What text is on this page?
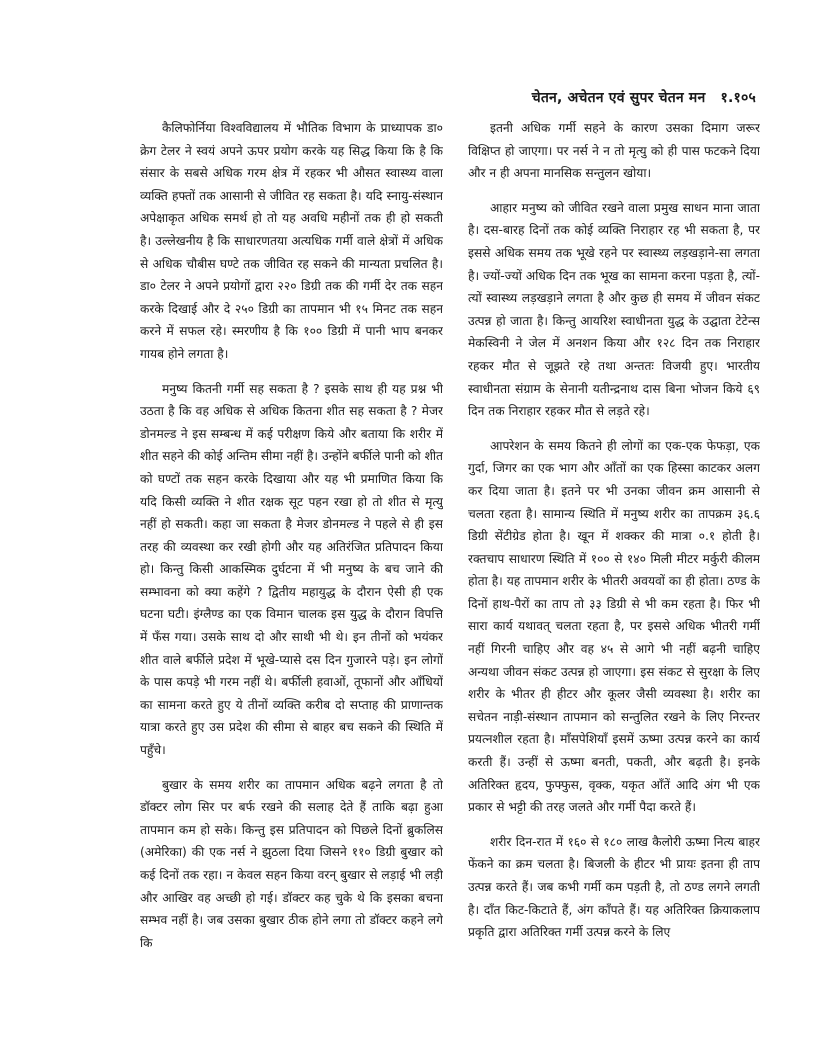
चेतन, अचेतन एवं सुपर चेतन मन १.१०५

कैलिफोर्निया विश्वविद्यालय में भौतिक विभाग के प्राध्यापक डा० क्रेग टेलर ने स्वयं अपने ऊपर प्रयोग करके यह सिद्ध किया कि है कि संसार के सबसे अधिक गरम क्षेत्र में रहकर भी औसत स्वास्थ्य वाला व्यक्ति हफ्तों तक आसानी से जीवित रह सकता है। यदि स्नायु-संस्थान अपेक्षाकृत अधिक समर्थ हो तो यह अवधि महीनों तक ही हो सकती है। उल्लेखनीय है कि साधारणतया अत्यधिक गर्मी वाले क्षेत्रों में अधिक से अधिक चौबीस घण्टे तक जीवित रह सकने की मान्यता प्रचलित है। डा० टेलर ने अपने प्रयोगों द्वारा २२० डिग्री तक की गर्मी देर तक सहन करके दिखाई और दे २५० डिग्री का तापमान भी १५ मिनट तक सहन करने में सफल रहे। स्मरणीय है कि १०० डिग्री में पानी भाप बनकर गायब होने लगता है।

मनुष्य कितनी गर्मी सह सकता है ? इसके साथ ही यह प्रश्न भी उठता है कि वह अधिक से अधिक कितना शीत सह सकता है ? मेजर डोनमल्ड ने इस सम्बन्ध में कई परीक्षण किये और बताया कि शरीर में शीत सहने की कोई अन्तिम सीमा नहीं है। उन्होंने बर्फीले पानी को शीत को घण्टों तक सहन करके दिखाया और यह भी प्रमाणित किया कि यदि किसी व्यक्ति ने शीत रक्षक सूट पहन रखा हो तो शीत से मृत्यु नहीं हो सकती। कहा जा सकता है मेजर डोनमल्ड ने पहले से ही इस तरह की व्यवस्था कर रखी होगी और यह अतिरंजित प्रतिपादन किया हो। किन्तु किसी आकस्मिक दुर्घटना में भी मनुष्य के बच जाने की सम्भावना को क्या कहेंगे ? द्वितीय महायुद्ध के दौरान ऐसी ही एक घटना घटी। इंग्लैण्ड का एक विमान चालक इस युद्ध के दौरान विपत्ति में फँस गया। उसके साथ दो और साथी भी थे। इन तीनों को भयंकर शीत वाले बर्फीले प्रदेश में भूखे-प्यासे दस दिन गुजारने पड़े। इन लोगों के पास कपड़े भी गरम नहीं थे। बर्फीली हवाओं, तूफानों और आँधियों का सामना करते हुए ये तीनों व्यक्ति करीब दो सप्ताह की प्राणान्तक यात्रा करते हुए उस प्रदेश की सीमा से बाहर बच सकने की स्थिति में पहुँचे।

बुखार के समय शरीर का तापमान अधिक बढ़ने लगता है तो डॉक्टर लोग सिर पर बर्फ रखने की सलाह देते हैं ताकि बढ़ा हुआ तापमान कम हो सके। किन्तु इस प्रतिपादन को पिछले दिनों ब्रुकलिस (अमेरिका) की एक नर्स ने झुठला दिया जिसने ११० डिग्री बुखार को कई दिनों तक रहा। न केवल सहन किया वरन् बुखार से लड़ाई भी लड़ी और आखिर वह अच्छी हो गई। डॉक्टर कह चुके थे कि इसका बचना सम्भव नहीं है। जब उसका बुखार ठीक होने लगा तो डॉक्टर कहने लगे कि

इतनी अधिक गर्मी सहने के कारण उसका दिमाग जरूर विक्षिप्त हो जाएगा। पर नर्स ने न तो मृत्यु को ही पास फटकने दिया और न ही अपना मानसिक सन्तुलन खोया।

आहार मनुष्य को जीवित रखने वाला प्रमुख साधन माना जाता है। दस-बारह दिनों तक कोई व्यक्ति निराहार रह भी सकता है, पर इससे अधिक समय तक भूखे रहने पर स्वास्थ्य लड़खड़ाने-सा लगता है। ज्यों-ज्यों अधिक दिन तक भूख का सामना करना पड़ता है, त्यों-त्यों स्वास्थ्य लड़खड़ाने लगता है और कुछ ही समय में जीवन संकट उत्पन्न हो जाता है। किन्तु आयरिश स्वाधीनता युद्ध के उद्घाता टेटेन्स मेकस्विनी ने जेल में अनशन किया और १२८ दिन तक निराहार रहकर मौत से जूझते रहे तथा अन्ततः विजयी हुए। भारतीय स्वाधीनता संग्राम के सेनानी यतीन्द्रनाथ दास बिना भोजन किये ६९ दिन तक निराहार रहकर मौत से लड़ते रहे।

आपरेशन के समय कितने ही लोगों का एक-एक फेफड़ा, एक गुर्दा, जिगर का एक भाग और आँतों का एक हिस्सा काटकर अलग कर दिया जाता है। इतने पर भी उनका जीवन क्रम आसानी से चलता रहता है। सामान्य स्थिति में मनुष्य शरीर का तापक्रम ३६.६ डिग्री सेंटीग्रेड होता है। खून में शक्कर की मात्रा ०.१ होती है। रक्तचाप साधारण स्थिति में १०० से १४० मिली मीटर मर्कुरी कीलम होता है। यह तापमान शरीर के भीतरी अवयवों का ही होता। ठण्ड के दिनों हाथ-पैरों का ताप तो ३३ डिग्री से भी कम रहता है। फिर भी सारा कार्य यथावत् चलता रहता है, पर इससे अधिक भीतरी गर्मी नहीं गिरनी चाहिए और वह ४५ से आगे भी नहीं बढ़नी चाहिए अन्यथा जीवन संकट उत्पन्न हो जाएगा। इस संकट से सुरक्षा के लिए शरीर के भीतर ही हीटर और कूलर जैसी व्यवस्था है। शरीर का सचेतन नाड़ी-संस्थान तापमान को सन्तुलित रखने के लिए निरन्तर प्रयत्नशील रहता है। माँसपेशियाँ इसमें ऊष्मा उत्पन्न करने का कार्य करती हैं। उन्हीं से ऊष्मा बनती, पकती, और बढ़ती है। इनके अतिरिक्त हृदय, फुफ्फुस, वृक्क, यकृत आँतें आदि अंग भी एक प्रकार से भट्टी की तरह जलते और गर्मी पैदा करते हैं।

शरीर दिन-रात में १६० से १८० लाख कैलोरी ऊष्मा नित्य बाहर फेंकने का क्रम चलता है। बिजली के हीटर भी प्रायः इतना ही ताप उत्पन्न करते हैं। जब कभी गर्मी कम पड़ती है, तो ठण्ड लगने लगती है। दाँत किट-किटाते हैं, अंग काँपते हैं। यह अतिरिक्त क्रियाकलाप प्रकृति द्वारा अतिरिक्त गर्मी उत्पन्न करने के लिए
